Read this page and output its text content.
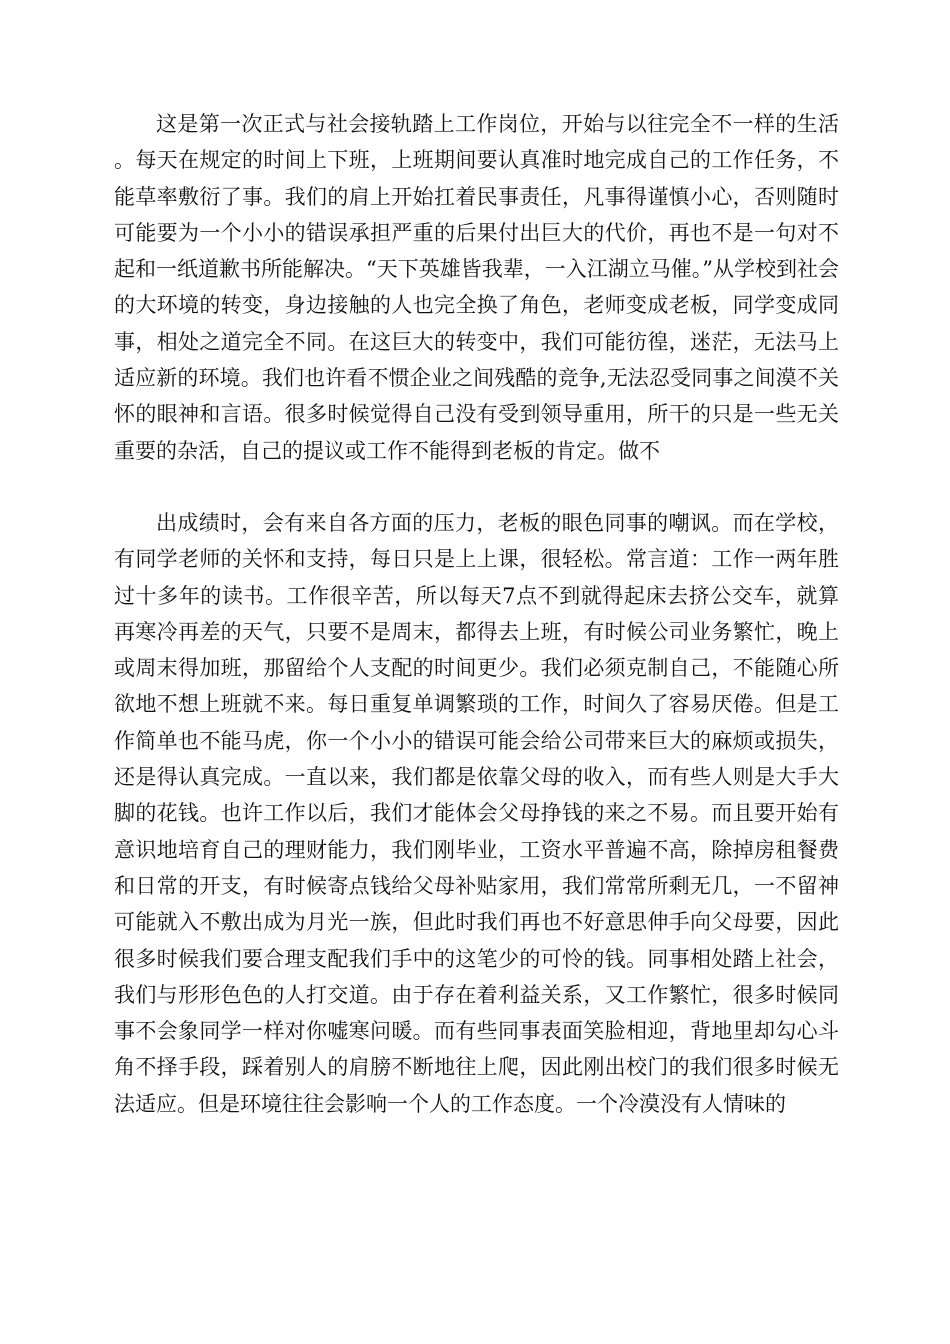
这是第一次正式与社会接轨踏上工作岗位，开始与以往完全不一样的生活。每天在规定的时间上下班，上班期间要认真准时地完成自己的工作任务，不能草率敷衍了事。我们的肩上开始扛着民事责任，凡事得谨慎小心，否则随时可能要为一个小小的错误承担严重的后果付出巨大的代价，再也不是一句对不起和一纸道歉书所能解决。“天下英雄皆我辈，一入江湖立马催。”从学校到社会的大环境的转变，身边接触的人也完全换了角色，老师变成老板，同学变成同事，相处之道完全不同。在这巨大的转变中，我们可能彷徨，迷茫，无法马上适应新的环境。我们也许看不惯企业之间残酷的竞争,无法忍受同事之间漠不关怀的眼神和言语。很多时候觉得自己没有受到领导重用，所干的只是一些无关重要的杂活，自己的提议或工作不能得到老板的肯定。做不

出成绩时，会有来自各方面的压力，老板的眼色同事的嘲讽。而在学校，有同学老师的关怀和支持，每日只是上上课，很轻松。常言道：工作一两年胜过十多年的读书。工作很辛苦，所以每天7点不到就得起床去挤公交车，就算再寒冷再差的天气，只要不是周末，都得去上班，有时候公司业务繁忙，晚上或周末得加班，那留给个人支配的时间更少。我们必须克制自己，不能随心所欲地不想上班就不来。每日重复单调繁琐的工作，时间久了容易厌倦。但是工作简单也不能马虎，你一个小小的错误可能会给公司带来巨大的麻烦或损失，还是得认真完成。一直以来，我们都是依靠父母的收入，而有些人则是大手大脚的花钱。也许工作以后，我们才能体会父母挣钱的来之不易。而且要开始有意识地培育自己的理财能力，我们刚毕业，工资水平普遍不高，除掉房租餐费和日常的开支，有时候寄点钱给父母补贴家用，我们常常所剩无几，一不留神可能就入不敷出成为月光一族，但此时我们再也不好意思伸手向父母要，因此很多时候我们要合理支配我们手中的这笔少的可怜的钱。同事相处踏上社会，我们与形形色色的人打交道。由于存在着利益关系，又工作繁忙，很多时候同事不会象同学一样对你嘘寒问暖。而有些同事表面笑脸相迎，背地里却勾心斗角不择手段，踩着别人的肩膀不断地往上爬，因此刚出校门的我们很多时候无法适应。但是环境往往会影响一个人的工作态度。一个冷漠没有人情味的
